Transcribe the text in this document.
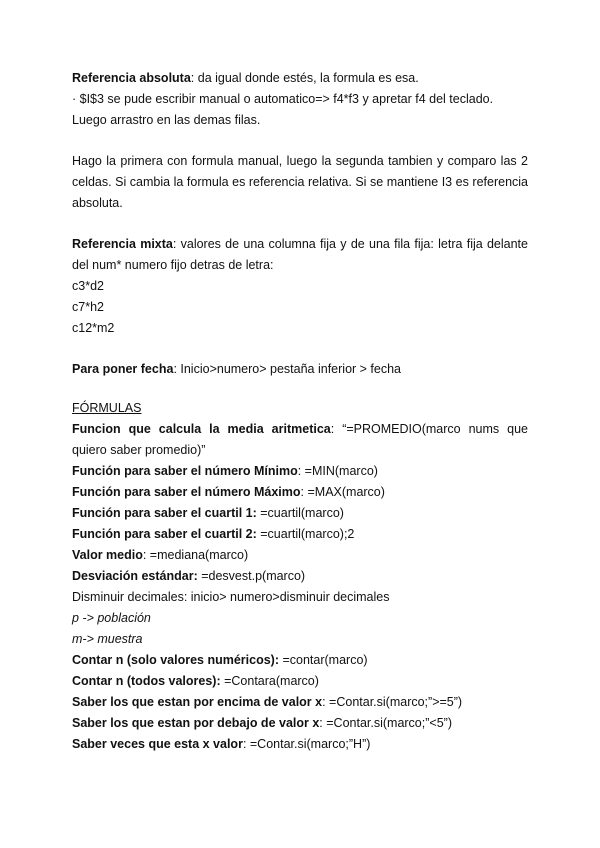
Referencia absoluta: da igual donde estés, la formula es esa.
· $I$3 se pude escribir manual o automatico=> f4*f3 y apretar f4 del teclado.
Luego arrastro en las demas filas.
Hago la primera con formula manual, luego la segunda tambien y comparo las 2 celdas. Si cambia la formula es referencia relativa. Si se mantiene I3 es referencia absoluta.
Referencia mixta: valores de una columna fija y de una fila fija: letra fija delante del num* numero fijo detras de letra:
c3*d2
c7*h2
c12*m2
Para poner fecha: Inicio>numero> pestaña inferior > fecha
FÓRMULAS
Funcion que calcula la media aritmetica: “=PROMEDIO(marco nums que quiero saber promedio)”
Función para saber el número Mínimo: =MIN(marco)
Función para saber el número Máximo: =MAX(marco)
Función para saber el cuartil 1: =cuartil(marco)
Función para saber el cuartil 2: =cuartil(marco);2
Valor medio: =mediana(marco)
Desviación estándar: =desvest.p(marco)
Disminuir decimales: inicio> numero>disminuir decimales
p -> población
m-> muestra
Contar n (solo valores numéricos): =contar(marco)
Contar n (todos valores): =Contara(marco)
Saber los que estan por encima de valor x: =Contar.si(marco;”>=5”)
Saber los que estan por debajo de valor x: =Contar.si(marco;”<5”)
Saber veces que esta x valor: =Contar.si(marco;”H”)
